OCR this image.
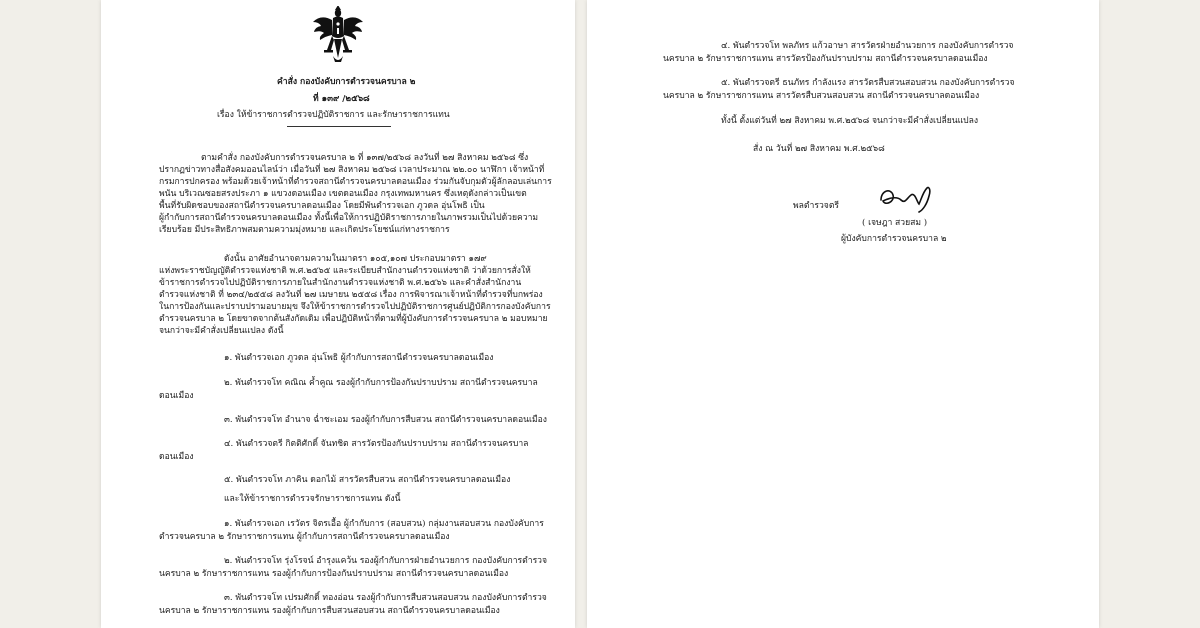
คำสั่ง กองบังคับการตำรวจนครบาล ๒
ที่ ๑๓๙ /๒๕๖๘
เรื่อง ให้ข้าราชการตำรวจปฏิบัติราชการ และรักษาราชการแทน
ตามคำสั่ง กองบังคับการตำรวจนครบาล ๒ ที่ ๑๓๗/๒๕๖๘ ลงวันที่ ๒๗ สิงหาคม ๒๕๖๘ ซึ่ง
ปรากฏข่าวทางสื่อสังคมออนไลน์ว่า เมื่อวันที่ ๒๗ สิงหาคม ๒๕๖๘ เวลาประมาณ ๒๒.๐๐ นาฬิกา เจ้าหน้าที่
กรมการปกครอง พร้อมด้วยเจ้าหน้าที่ตำรวจสถานีตำรวจนครบาลดอนเมือง ร่วมกันจับกุมตัวผู้ลักลอบเล่นการ
พนัน บริเวณซอยสรงประภา ๑ แขวงดอนเมือง เขตดอนเมือง กรุงเทพมหานคร ซึ่งเหตุดังกล่าวเป็นเขต
พื้นที่รับผิดชอบของสถานีตำรวจนครบาลดอนเมือง โดยมีพันตำรวจเอก ภูวดล อุ่นโพธิ เป็น
ผู้กำกับการสถานีตำรวจนครบาลดอนเมือง ทั้งนี้เพื่อให้การปฏิบัติราชการภายในภาพรวมเป็นไปด้วยความ
เรียบร้อย มีประสิทธิภาพสมตามความมุ่งหมาย และเกิดประโยชน์แก่ทางราชการ
ดังนั้น อาศัยอำนาจตามความในมาตรา ๑๐๕,๑๐๗ ประกอบมาตรา ๑๗๙
แห่งพระราชบัญญัติตำรวจแห่งชาติ พ.ศ.๒๕๖๕ และระเบียบสำนักงานตำรวจแห่งชาติ ว่าด้วยการสั่งให้
ข้าราชการตำรวจไปปฏิบัติราชการภายในสำนักงานตำรวจแห่งชาติ พ.ศ.๒๕๖๖ และคำสั่งสำนักงาน
ตำรวจแห่งชาติ ที่ ๒๓๔/๒๕๕๘ ลงวันที่ ๒๗ เมษายน ๒๕๕๘ เรื่อง การพิจารณาเจ้าหน้าที่ตำรวจที่บกพร่อง
ในการป้องกันและปราบปรามอบายมุข จึงให้ข้าราชการตำรวจไปปฏิบัติราชการศูนย์ปฏิบัติการกองบังคับการ
ตำรวจนครบาล ๒ โดยขาดจากต้นสังกัดเดิม เพื่อปฏิบัติหน้าที่ตามที่ผู้บังคับการตำรวจนครบาล ๒ มอบหมาย
จนกว่าจะมีคำสั่งเปลี่ยนแปลง ดังนี้
๑. พันตำรวจเอก ภูวดล อุ่นโพธิ ผู้กำกับการสถานีตำรวจนครบาลดอนเมือง
๒. พันตำรวจโท คณิณ ค้ำคูณ รองผู้กำกับการป้องกันปราบปราม สถานีตำรวจนครบาล
ดอนเมือง
๓. พันตำรวจโท อำนาจ ฉ่ำชะเอม รองผู้กำกับการสืบสวน สถานีตำรวจนครบาลดอนเมือง
๔. พันตำรวจตรี กิตติศักดิ์ จันทชิต สารวัตรป้องกันปราบปราม สถานีตำรวจนครบาล
ดอนเมือง
๕. พันตำรวจโท ภาคิน ดอกไม้ สารวัตรสืบสวน สถานีตำรวจนครบาลดอนเมือง
และให้ข้าราชการตำรวจรักษาราชการแทน ดังนี้
๑. พันตำรวจเอก เรวัตร จิตรเอื้อ ผู้กำกับการ (สอบสวน) กลุ่มงานสอบสวน กองบังคับการ
ตำรวจนครบาล ๒ รักษาราชการแทน ผู้กำกับการสถานีตำรวจนครบาลดอนเมือง
๒. พันตำรวจโท รุ่งโรจน์ อำรุงแคว้น รองผู้กำกับการฝ่ายอำนวยการ กองบังคับการตำรวจ
นครบาล ๒ รักษาราชการแทน รองผู้กำกับการป้องกันปราบปราม สถานีตำรวจนครบาลดอนเมือง
๓. พันตำรวจโท เปรมศักดิ์ ทองอ่อน รองผู้กำกับการสืบสวนสอบสวน กองบังคับการตำรวจ
นครบาล ๒ รักษาราชการแทน รองผู้กำกับการสืบสวนสอบสวน สถานีตำรวจนครบาลดอนเมือง
๔. พันตำรวจโท พลภัทร แก้วอาษา สารวัตรฝ่ายอำนวยการ กองบังคับการตำรวจ
นครบาล ๒ รักษาราชการแทน สารวัตรป้องกันปราบปราม สถานีตำรวจนครบาลดอนเมือง
๕. พันตำรวจตรี ธนภัทร กำลังแรง สารวัตรสืบสวนสอบสวน กองบังคับการตำรวจ
นครบาล ๒ รักษาราชการแทน สารวัตรสืบสวนสอบสวน สถานีตำรวจนครบาลดอนเมือง
ทั้งนี้ ตั้งแต่วันที่ ๒๗ สิงหาคม พ.ศ.๒๕๖๘ จนกว่าจะมีคำสั่งเปลี่ยนแปลง
สั่ง ณ วันที่ ๒๗ สิงหาคม พ.ศ.๒๕๖๘
พลตำรวจตรี
( เจษฎา สวยสม )
ผู้บังคับการตำรวจนครบาล ๒
